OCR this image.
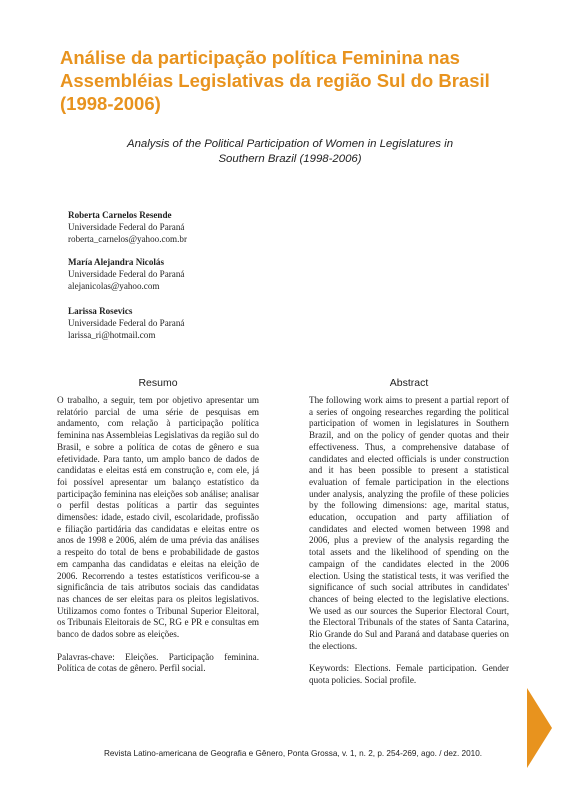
Análise da participação política Feminina nas
Assembléias Legislativas da região Sul do Brasil
(1998-2006)
Analysis of the Political Participation of Women in Legislatures in
Southern Brazil (1998-2006)
Roberta Carnelos Resende
Universidade Federal do Paraná
roberta_carnelos@yahoo.com.br
María Alejandra Nicolás
Universidade Federal do Paraná
alejanicolas@yahoo.com
Larissa Rosevics
Universidade Federal do Paraná
larissa_ri@hotmail.com
Resumo

O trabalho, a seguir, tem por objetivo apresentar um relatório parcial de uma série de pesquisas em andamento, com relação à participação política feminina nas Assembleias Legislativas da região sul do Brasil, e sobre a política de cotas de gênero e sua efetividade. Para tanto, um amplo banco de dados de candidatas e eleitas está em construção e, com ele, já foi possível apresentar um balanço estatístico da participação feminina nas eleições sob análise; analisar o perfil destas políticas a partir das seguintes dimensões: idade, estado civil, escolaridade, profissão e filiação partidária das candidatas e eleitas entre os anos de 1998 e 2006, além de uma prévia das análises a respeito do total de bens e probabilidade de gastos em campanha das candidatas e eleitas na eleição de 2006. Recorrendo a testes estatísticos verificou-se a significância de tais atributos sociais das candidatas nas chances de ser eleitas para os pleitos legislativos. Utilizamos como fontes o Tribunal Superior Eleitoral, os Tribunais Eleitorais de SC, RG e PR e consultas em banco de dados sobre as eleições.

Palavras-chave: Eleições. Participação feminina. Política de cotas de gênero. Perfil social.

Abstract

The following work aims to present a partial report of a series of ongoing researches regarding the political participation of women in legislatures in Southern Brazil, and on the policy of gender quotas and their effectiveness. Thus, a comprehensive database of candidates and elected officials is under construction and it has been possible to present a statistical evaluation of female participation in the elections under analysis, analyzing the profile of these policies by the following dimensions: age, marital status, education, occupation and party affiliation of candidates and elected women between 1998 and 2006, plus a preview of the analysis regarding the total assets and the likelihood of spending on the campaign of the candidates elected in the 2006 election. Using the statistical tests, it was verified the significance of such social attributes in candidates' chances of being elected to the legislative elections. We used as our sources the Superior Electoral Court, the Electoral Tribunals of the states of Santa Catarina, Rio Grande do Sul and Paraná and database queries on the elections.

Keywords: Elections. Female participation. Gender quota policies. Social profile.

Revista Latino-americana de Geografia e Gênero, Ponta Grossa, v. 1, n. 2, p. 254-269, ago. / dez. 2010.
